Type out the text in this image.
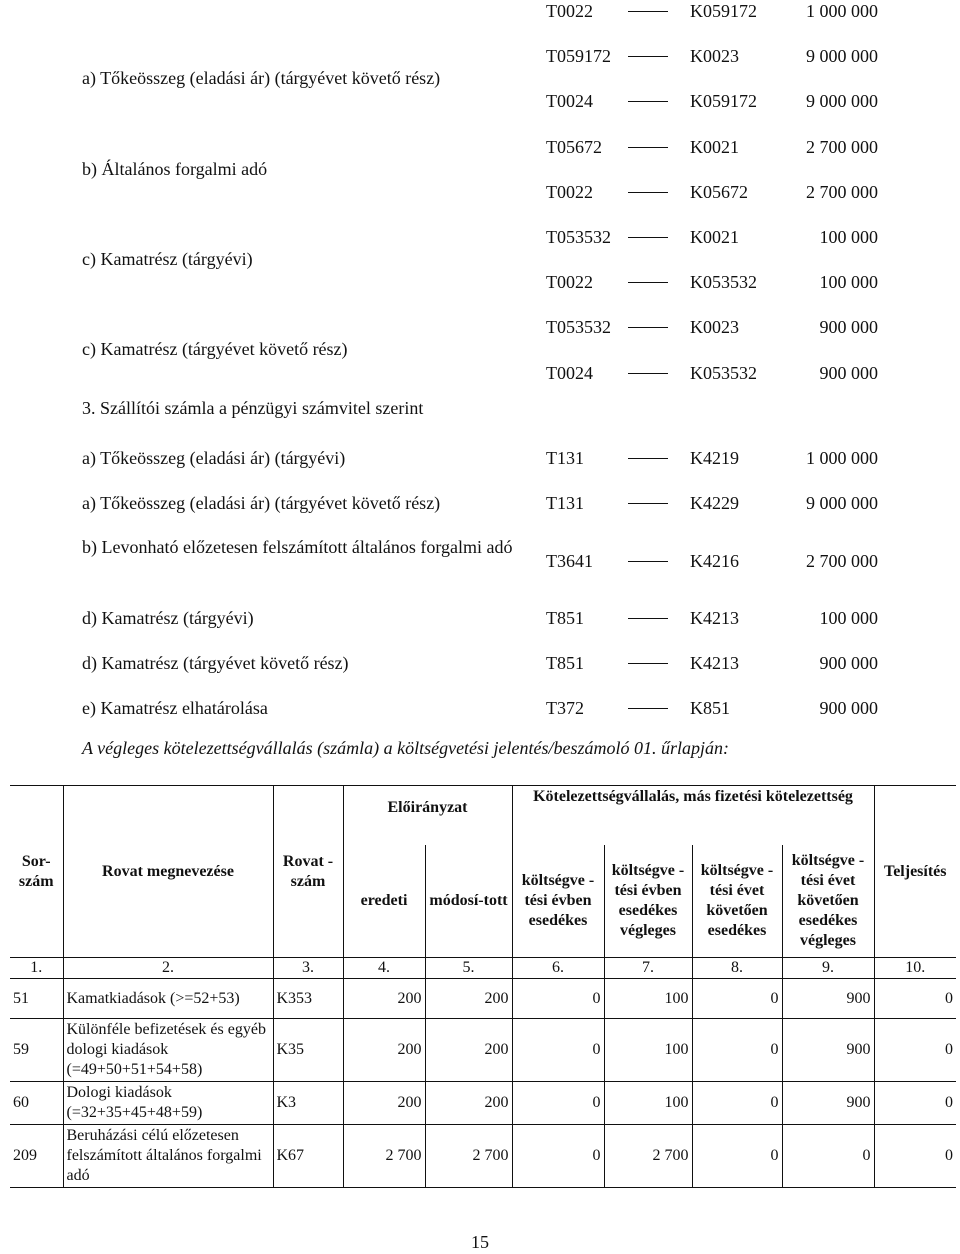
T0022	K059172	1 000 000
a) Tőkeösszeg (eladási ár) (tárgyévet követő rész)
T059172	K0023	9 000 000
T0024	K059172	9 000 000
b) Általános forgalmi adó
T05672	K0021	2 700 000
T0022	K05672	2 700 000
c) Kamatrész (tárgyévi)
T053532	K0021	100 000
T0022	K053532	100 000
c) Kamatrész (tárgyévet követő rész)
T053532	K0023	900 000
T0024	K053532	900 000
3. Szállítói számla a pénzügyi számvitel szerint
a) Tőkeösszeg (eladási ár) (tárgyévi)	T131	K4219	1 000 000
a) Tőkeösszeg (eladási ár) (tárgyévet követő rész)	T131	K4229	9 000 000
b) Levonható előzetesen felszámított általános forgalmi adó
T3641	K4216	2 700 000
d) Kamatrész (tárgyévi)	T851	K4213	100 000
d) Kamatrész (tárgyévet követő rész)	T851	K4213	900 000
e) Kamatrész elhatárolása	T372	K851	900 000
A végleges kötelezettségvállalás (számla) a költségvetési jelentés/beszámoló 01. űrlapján:
Sor-szám	Rovat megnevezése	Rovat -szám	Előirányzat		Kötelezettségvállalás, más fizetési kötelezettség				Teljesítés
			eredeti	módosí-tott	költségve -tési évben esedékes	költségve -tési évben esedékes végleges	költségve -tési évet követően esedékes	költségve -tési évet követően esedékes végleges	
1.	2.	3.	4.	5.	6.	7.	8.	9.	10.
51	Kamatkiadások (>=52+53)	K353	200	200	0	100	0	900	0
59	Különféle befizetések és egyéb dologi kiadások (=49+50+51+54+58)	K35	200	200	0	100	0	900	0
60	Dologi kiadások (=32+35+45+48+59)	K3	200	200	0	100	0	900	0
209	Beruházási célú előzetesen felszámított általános forgalmi adó	K67	2 700	2 700	0	2 700	0	0	0
15
